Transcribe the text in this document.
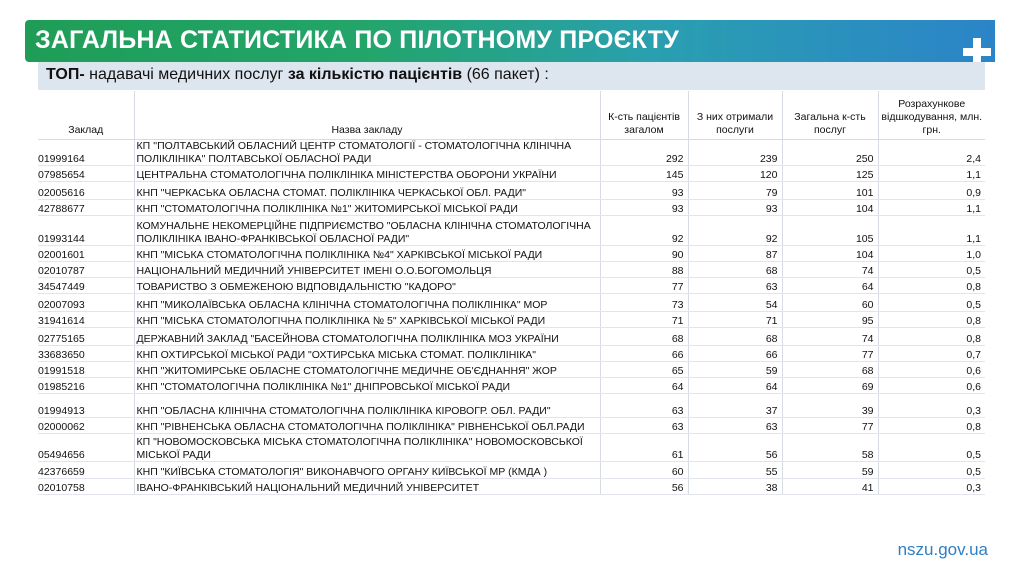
ЗАГАЛЬНА СТАТИСТИКА ПО ПІЛОТНОМУ ПРОЄКТУ
ТОП- надавачі медичних послуг за кількістю пацієнтів (66 пакет) :
Заклад	Назва закладу	К-сть пацієнтів загалом	З них отримали послуги	Загальна к-сть послуг	Розрахункове відшкодування, млн. грн.
01999164	КП ''ПОЛТАВСЬКИЙ ОБЛАСНИЙ ЦЕНТР СТОМАТОЛОГІЇ - СТОМАТОЛОГІЧНА КЛІНІЧНА ПОЛІКЛІНІКА'' ПОЛТАВСЬКОЇ ОБЛАСНОЇ РАДИ	292	239	250	2,4
07985654	ЦЕНТРАЛЬНА СТОМАТОЛОГІЧНА ПОЛІКЛІНІКА МІНІСТЕРСТВА ОБОРОНИ УКРАЇНИ	145	120	125	1,1
02005616	КНП "ЧЕРКАСЬКА ОБЛАСНА СТОМАТ. ПОЛІКЛІНІКА ЧЕРКАСЬКОЇ ОБЛ. РАДИ"	93	79	101	0,9
42788677	КНП "СТОМАТОЛОГІЧНА ПОЛІКЛІНІКА №1" ЖИТОМИРСЬКОЇ МІСЬКОЇ РАДИ	93	93	104	1,1
01993144	КОМУНАЛЬНЕ НЕКОМЕРЦІЙНЕ ПІДПРИЄМСТВО "ОБЛАСНА КЛІНІЧНА СТОМАТОЛОГІЧНА ПОЛІКЛІНІКА ІВАНО-ФРАНКІВСЬКОЇ ОБЛАСНОЇ РАДИ"	92	92	105	1,1
02001601	КНП "МІСЬКА СТОМАТОЛОГІЧНА ПОЛІКЛІНІКА №4" ХАРКІВСЬКОЇ МІСЬКОЇ РАДИ	90	87	104	1,0
02010787	НАЦІОНАЛЬНИЙ МЕДИЧНИЙ УНІВЕРСИТЕТ ІМЕНІ О.О.БОГОМОЛЬЦЯ	88	68	74	0,5
34547449	ТОВАРИСТВО З ОБМЕЖЕНОЮ ВІДПОВІДАЛЬНІСТЮ "КАДОРО"	77	63	64	0,8
02007093	КНП "МИКОЛАЇВСЬКА ОБЛАСНА КЛІНІЧНА СТОМАТОЛОГІЧНА ПОЛІКЛІНІКА" МОР	73	54	60	0,5
31941614	КНП "МІСЬКА СТОМАТОЛОГІЧНА ПОЛІКЛІНІКА № 5" ХАРКІВСЬКОЇ МІСЬКОЇ РАДИ	71	71	95	0,8
02775165	ДЕРЖАВНИЙ ЗАКЛАД "БАСЕЙНОВА СТОМАТОЛОГІЧНА ПОЛІКЛІНІКА МОЗ УКРАЇНИ	68	68	74	0,8
33683650	КНП ОХТИРСЬКОЇ МІСЬКОЇ РАДИ "ОХТИРСЬКА МІСЬКА СТОМАТ. ПОЛІКЛІНІКА"	66	66	77	0,7
01991518	КНП "ЖИТОМИРСЬКЕ ОБЛАСНЕ СТОМАТОЛОГІЧНЕ МЕДИЧНЕ ОБ'ЄДНАННЯ" ЖОР	65	59	68	0,6
01985216	КНП "СТОМАТОЛОГІЧНА ПОЛІКЛІНІКА №1" ДНІПРОВСЬКОЇ МІСЬКОЇ РАДИ	64	64	69	0,6
01994913	КНП "ОБЛАСНА КЛІНІЧНА СТОМАТОЛОГІЧНА ПОЛІКЛІНІКА КІРОВОГР. ОБЛ. РАДИ"	63	37	39	0,3
02000062	КНП "РІВНЕНСЬКА ОБЛАСНА СТОМАТОЛОГІЧНА ПОЛІКЛІНІКА" РІВНЕНСЬКОЇ ОБЛ.РАДИ	63	63	77	0,8
05494656	КП "НОВОМОСКОВСЬКА МІСЬКА СТОМАТОЛОГІЧНА ПОЛІКЛІНІКА" НОВОМОСКОВСЬКОЇ МІСЬКОЇ РАДИ	61	56	58	0,5
42376659	КНП "КИЇВСЬКА СТОМАТОЛОГІЯ" ВИКОНАВЧОГО ОРГАНУ КИЇВСЬКОЇ МР (КМДА )	60	55	59	0,5
02010758	ІВАНО-ФРАНКІВСЬКИЙ НАЦІОНАЛЬНИЙ МЕДИЧНИЙ УНІВЕРСИТЕТ	56	38	41	0,3
nszu.gov.ua
